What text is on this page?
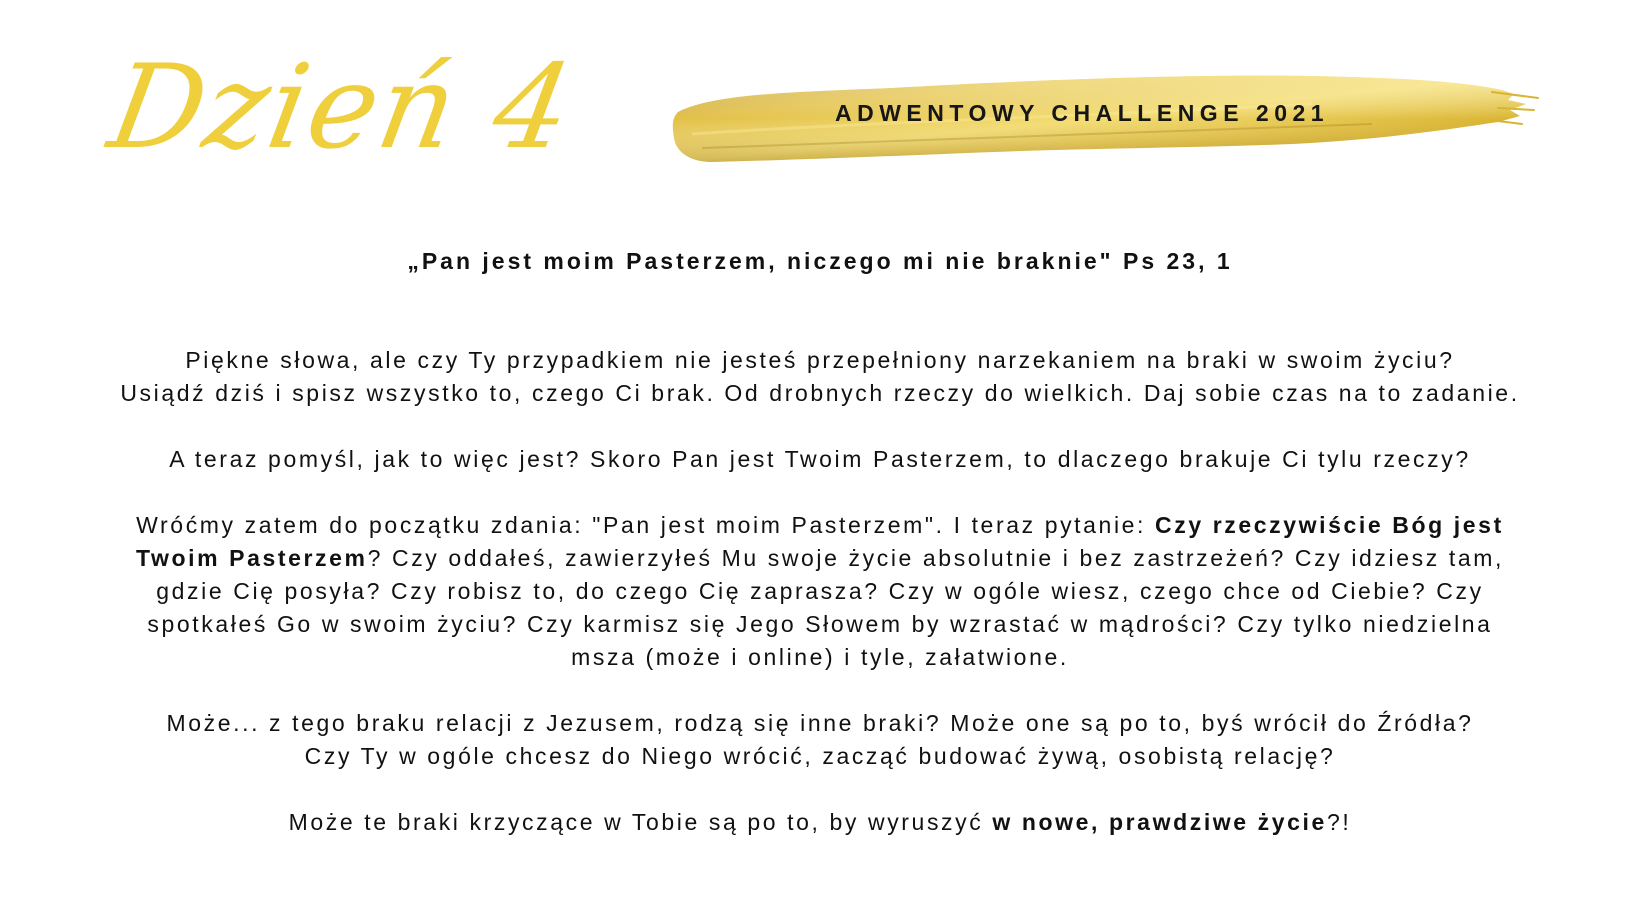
Dzień 4	ADWENTOWY CHALLENGE 2021
„Pan jest moim Pasterzem, niczego mi nie braknie" Ps 23, 1

Piękne słowa, ale czy Ty przypadkiem nie jesteś przepełniony narzekaniem na braki w swoim życiu?
Usiądź dziś i spisz wszystko to, czego Ci brak. Od drobnych rzeczy do wielkich. Daj sobie czas na to zadanie.

A teraz pomyśl, jak to więc jest? Skoro Pan jest Twoim Pasterzem, to dlaczego brakuje Ci tylu rzeczy?

Wróćmy zatem do początku zdania: "Pan jest moim Pasterzem". I teraz pytanie: Czy rzeczywiście Bóg jest
Twoim Pasterzem? Czy oddałeś, zawierzyłeś Mu swoje życie absolutnie i bez zastrzeżeń? Czy idziesz tam,
gdzie Cię posyła? Czy robisz to, do czego Cię zaprasza? Czy w ogóle wiesz, czego chce od Ciebie? Czy
spotkałeś Go w swoim życiu? Czy karmisz się Jego Słowem by wzrastać w mądrości? Czy tylko niedzielna
msza (może i online) i tyle, załatwione.

Może... z tego braku relacji z Jezusem, rodzą się inne braki? Może one są po to, byś wrócił do Źródła?
Czy Ty w ogóle chcesz do Niego wrócić, zacząć budować żywą, osobistą relację?

Może te braki krzyczące w Tobie są po to, by wyruszyć w nowe, prawdziwe życie?!
